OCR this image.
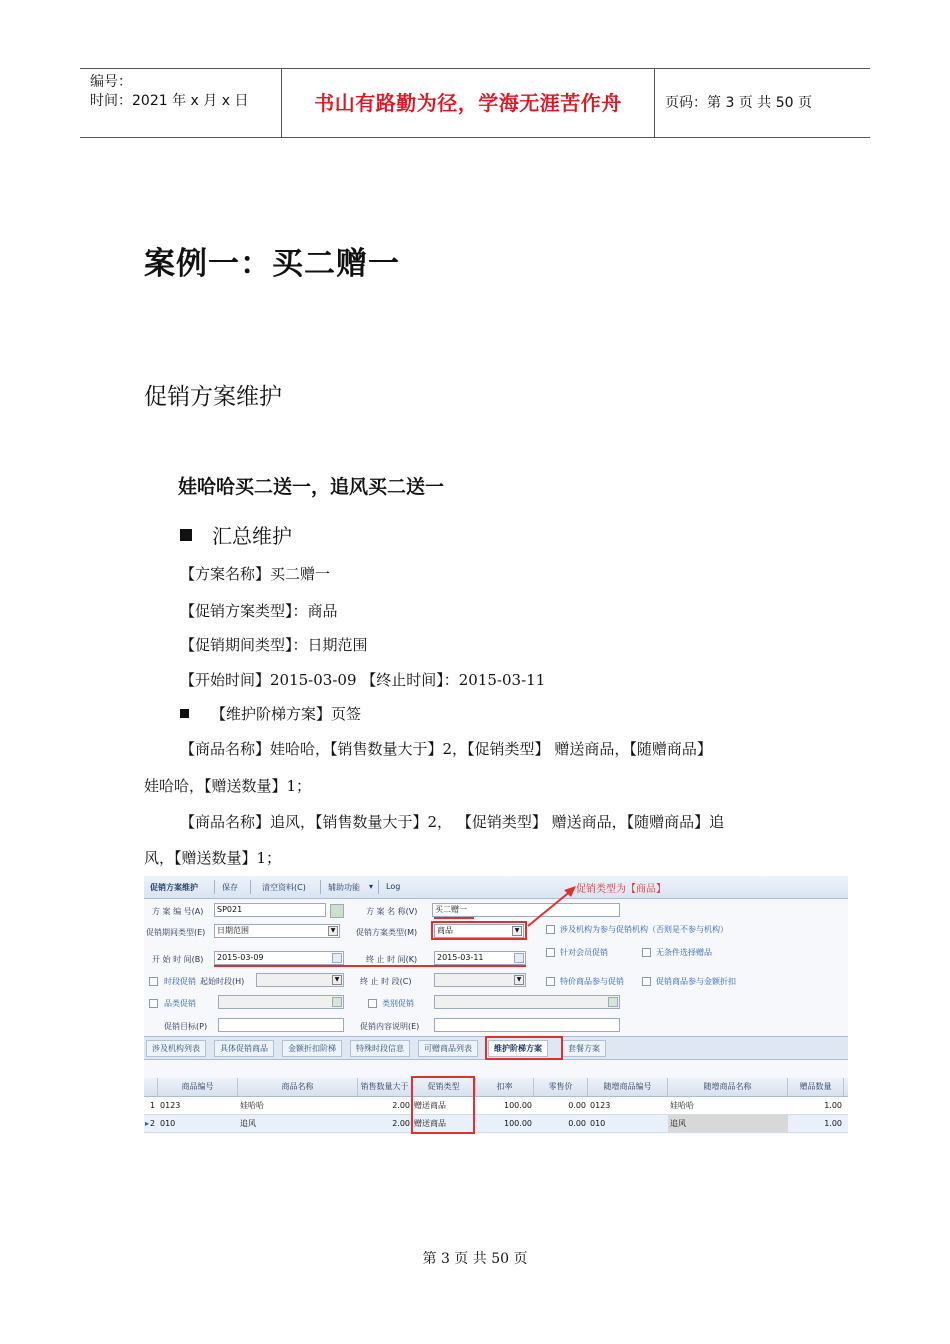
编号：
时间：2021 年 x 月 x 日	书山有路勤为径，学海无涯苦作舟	页码：第 3 页 共 50 页
案例一：买二赠一
促销方案维护
娃哈哈买二送一，追风买二送一
汇总维护
【方案名称】买二赠一
【促销方案类型】：商品
【促销期间类型】：日期范围
【开始时间】2015-03-09 【终止时间】：2015-03-11
【维护阶梯方案】页签
【商品名称】娃哈哈，【销售数量大于】2，【促销类型】 赠送商品，【随赠商品】
娃哈哈，【赠送数量】1；
【商品名称】追风，【销售数量大于】2， 【促销类型】 赠送商品，【随赠商品】追
风，【赠送数量】1；
促销方案维护	保存	清空资料(C)	辅助功能 ▾ Log	促销类型为【商品】
方 案 编 号(A)	SP021	方 案 名 称(V)	买二赠一
促销期间类型(E)	日期范围	▼	促销方案类型(M)	商品	▼	涉及机构为参与促销机构（否则是不参与机构）
开 始 时 间(B)	2015-03-09	终 止 时 间(K)	2015-03-11
针对会员促销	无条件选择赠品
时段促销 起始时段(H)	▼	终 止 时 段(C)	▼	特价商品参与促销	促销商品参与金额折扣
品类促销	类别促销
促销目标(P)	促销内容说明(E)
涉及机构列表	具体促销商品	金额折扣阶梯	特殊时段信息	可赠商品列表	维护阶梯方案	套餐方案
商品编号	商品名称	销售数量大于	促销类型	扣率	零售价	随增商品编号	随增商品名称	赠品数量
1 0123	娃哈哈	2.00 赠送商品	100.00	0.00 0123	娃哈哈	1.00
▸ 2 010	追风	2.00 赠送商品	100.00	0.00 010	追风	1.00
第 3 页 共 50 页
